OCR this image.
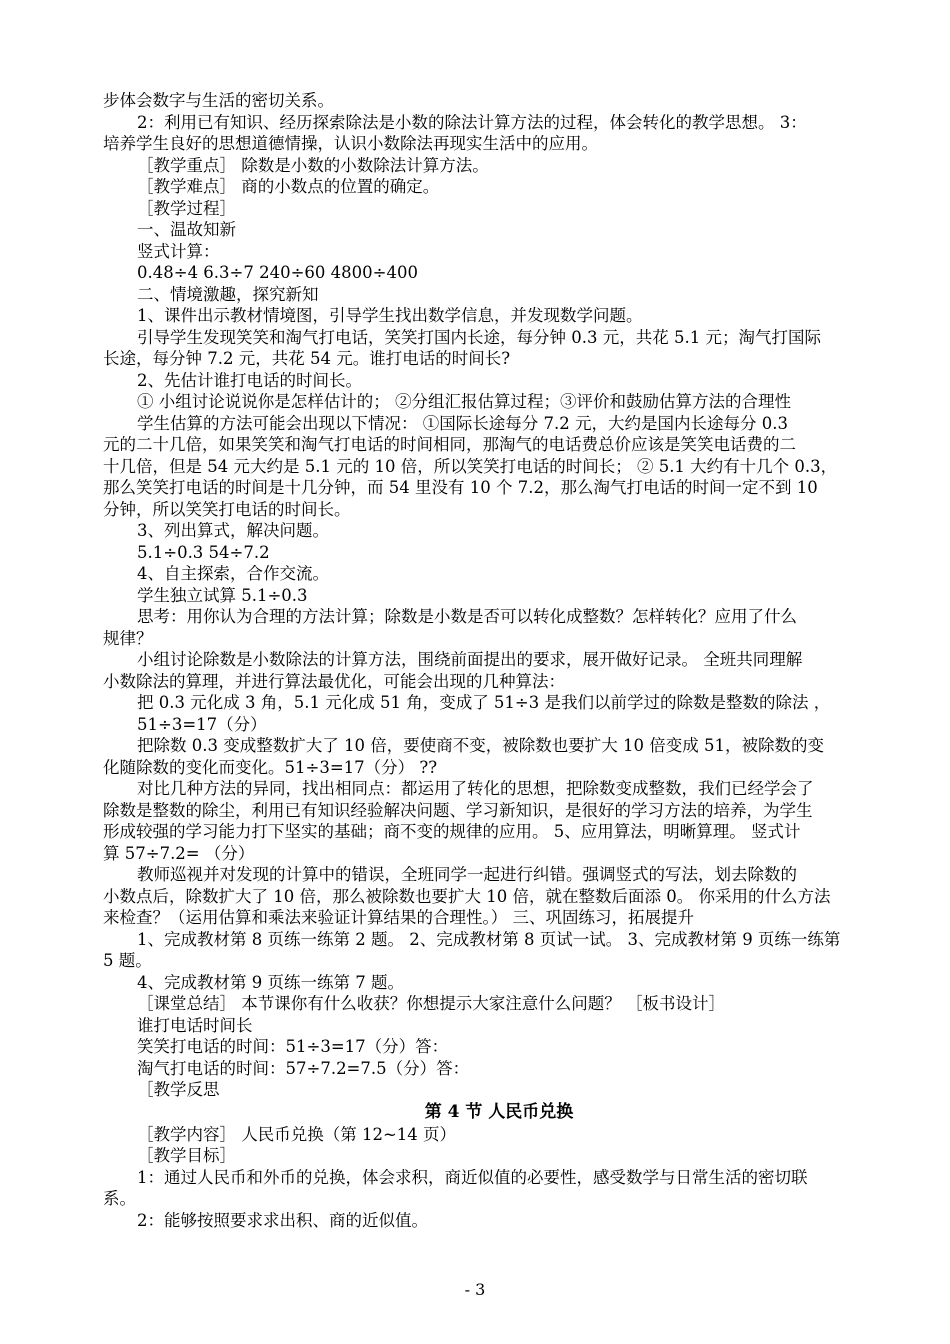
步体会数字与生活的密切关系。
2：利用已有知识、经历探索除法是小数的除法计算方法的过程，体会转化的教学思想。 3：
培养学生良好的思想道德情操，认识小数除法再现实生活中的应用。
［教学重点］ 除数是小数的小数除法计算方法。
［教学难点］ 商的小数点的位置的确定。
［教学过程］
一、温故知新
竖式计算：
0.48÷4 6.3÷7 240÷60 4800÷400
二、情境激趣，探究新知
1、课件出示教材情境图，引导学生找出数学信息，并发现数学问题。
引导学生发现笑笑和淘气打电话，笑笑打国内长途，每分钟 0.3 元，共花 5.1 元；淘气打国际
长途，每分钟 7.2 元，共花 54 元。谁打电话的时间长?
2、先估计谁打电话的时间长。
① 小组讨论说说你是怎样估计的； ②分组汇报估算过程；③评价和鼓励估算方法的合理性
学生估算的方法可能会出现以下情况： ①国际长途每分 7.2 元，大约是国内长途每分 0.3
元的二十几倍，如果笑笑和淘气打电话的时间相同，那淘气的电话费总价应该是笑笑电话费的二
十几倍，但是 54 元大约是 5.1 元的 10 倍，所以笑笑打电话的时间长； ② 5.1 大约有十几个 0.3，
那么笑笑打电话的时间是十几分钟，而 54 里没有 10 个 7.2，那么淘气打电话的时间一定不到 10
分钟，所以笑笑打电话的时间长。
3、列出算式，解决问题。
5.1÷0.3 54÷7.2
4、自主探索，合作交流。
学生独立试算 5.1÷0.3
思考：用你认为合理的方法计算；除数是小数是否可以转化成整数？怎样转化？应用了什么
规律？
小组讨论除数是小数除法的计算方法，围绕前面提出的要求，展开做好记录。 全班共同理解
小数除法的算理，并进行算法最优化，可能会出现的几种算法：
把 0.3 元化成 3 角，5.1 元化成 51 角，变成了 51÷3 是我们以前学过的除数是整数的除法 ，
51÷3=17（分）
把除数 0.3 变成整数扩大了 10 倍，要使商不变，被除数也要扩大 10 倍变成 51，被除数的变
化随除数的变化而变化。51÷3=17（分） ??
对比几种方法的异同，找出相同点：都运用了转化的思想，把除数变成整数，我们已经学会了
除数是整数的除尘，利用已有知识经验解决问题、学习新知识，是很好的学习方法的培养，为学生
形成较强的学习能力打下坚实的基础；商不变的规律的应用。 5、应用算法，明晰算理。 竖式计
算 57÷7.2= （分）
教师巡视并对发现的计算中的错误，全班同学一起进行纠错。强调竖式的写法，划去除数的
小数点后，除数扩大了 10 倍，那么被除数也要扩大 10 倍，就在整数后面添 0。 你采用的什么方法
来检查？（运用估算和乘法来验证计算结果的合理性。） 三、巩固练习，拓展提升
1、完成教材第 8 页练一练第 2 题。 2、完成教材第 8 页试一试。 3、完成教材第 9 页练一练第
5 题。
4、完成教材第 9 页练一练第 7 题。
［课堂总结］ 本节课你有什么收获？你想提示大家注意什么问题？ ［板书设计］
谁打电话时间长
笑笑打电话的时间：51÷3=17（分）答：
淘气打电话的时间：57÷7.2=7.5（分）答：
［教学反思
第 4 节 人民币兑换
［教学内容］ 人民币兑换（第 12~14 页）
［教学目标］
1：通过人民币和外币的兑换，体会求积，商近似值的必要性，感受数学与日常生活的密切联
系。
2：能够按照要求求出积、商的近似值。
- 3
